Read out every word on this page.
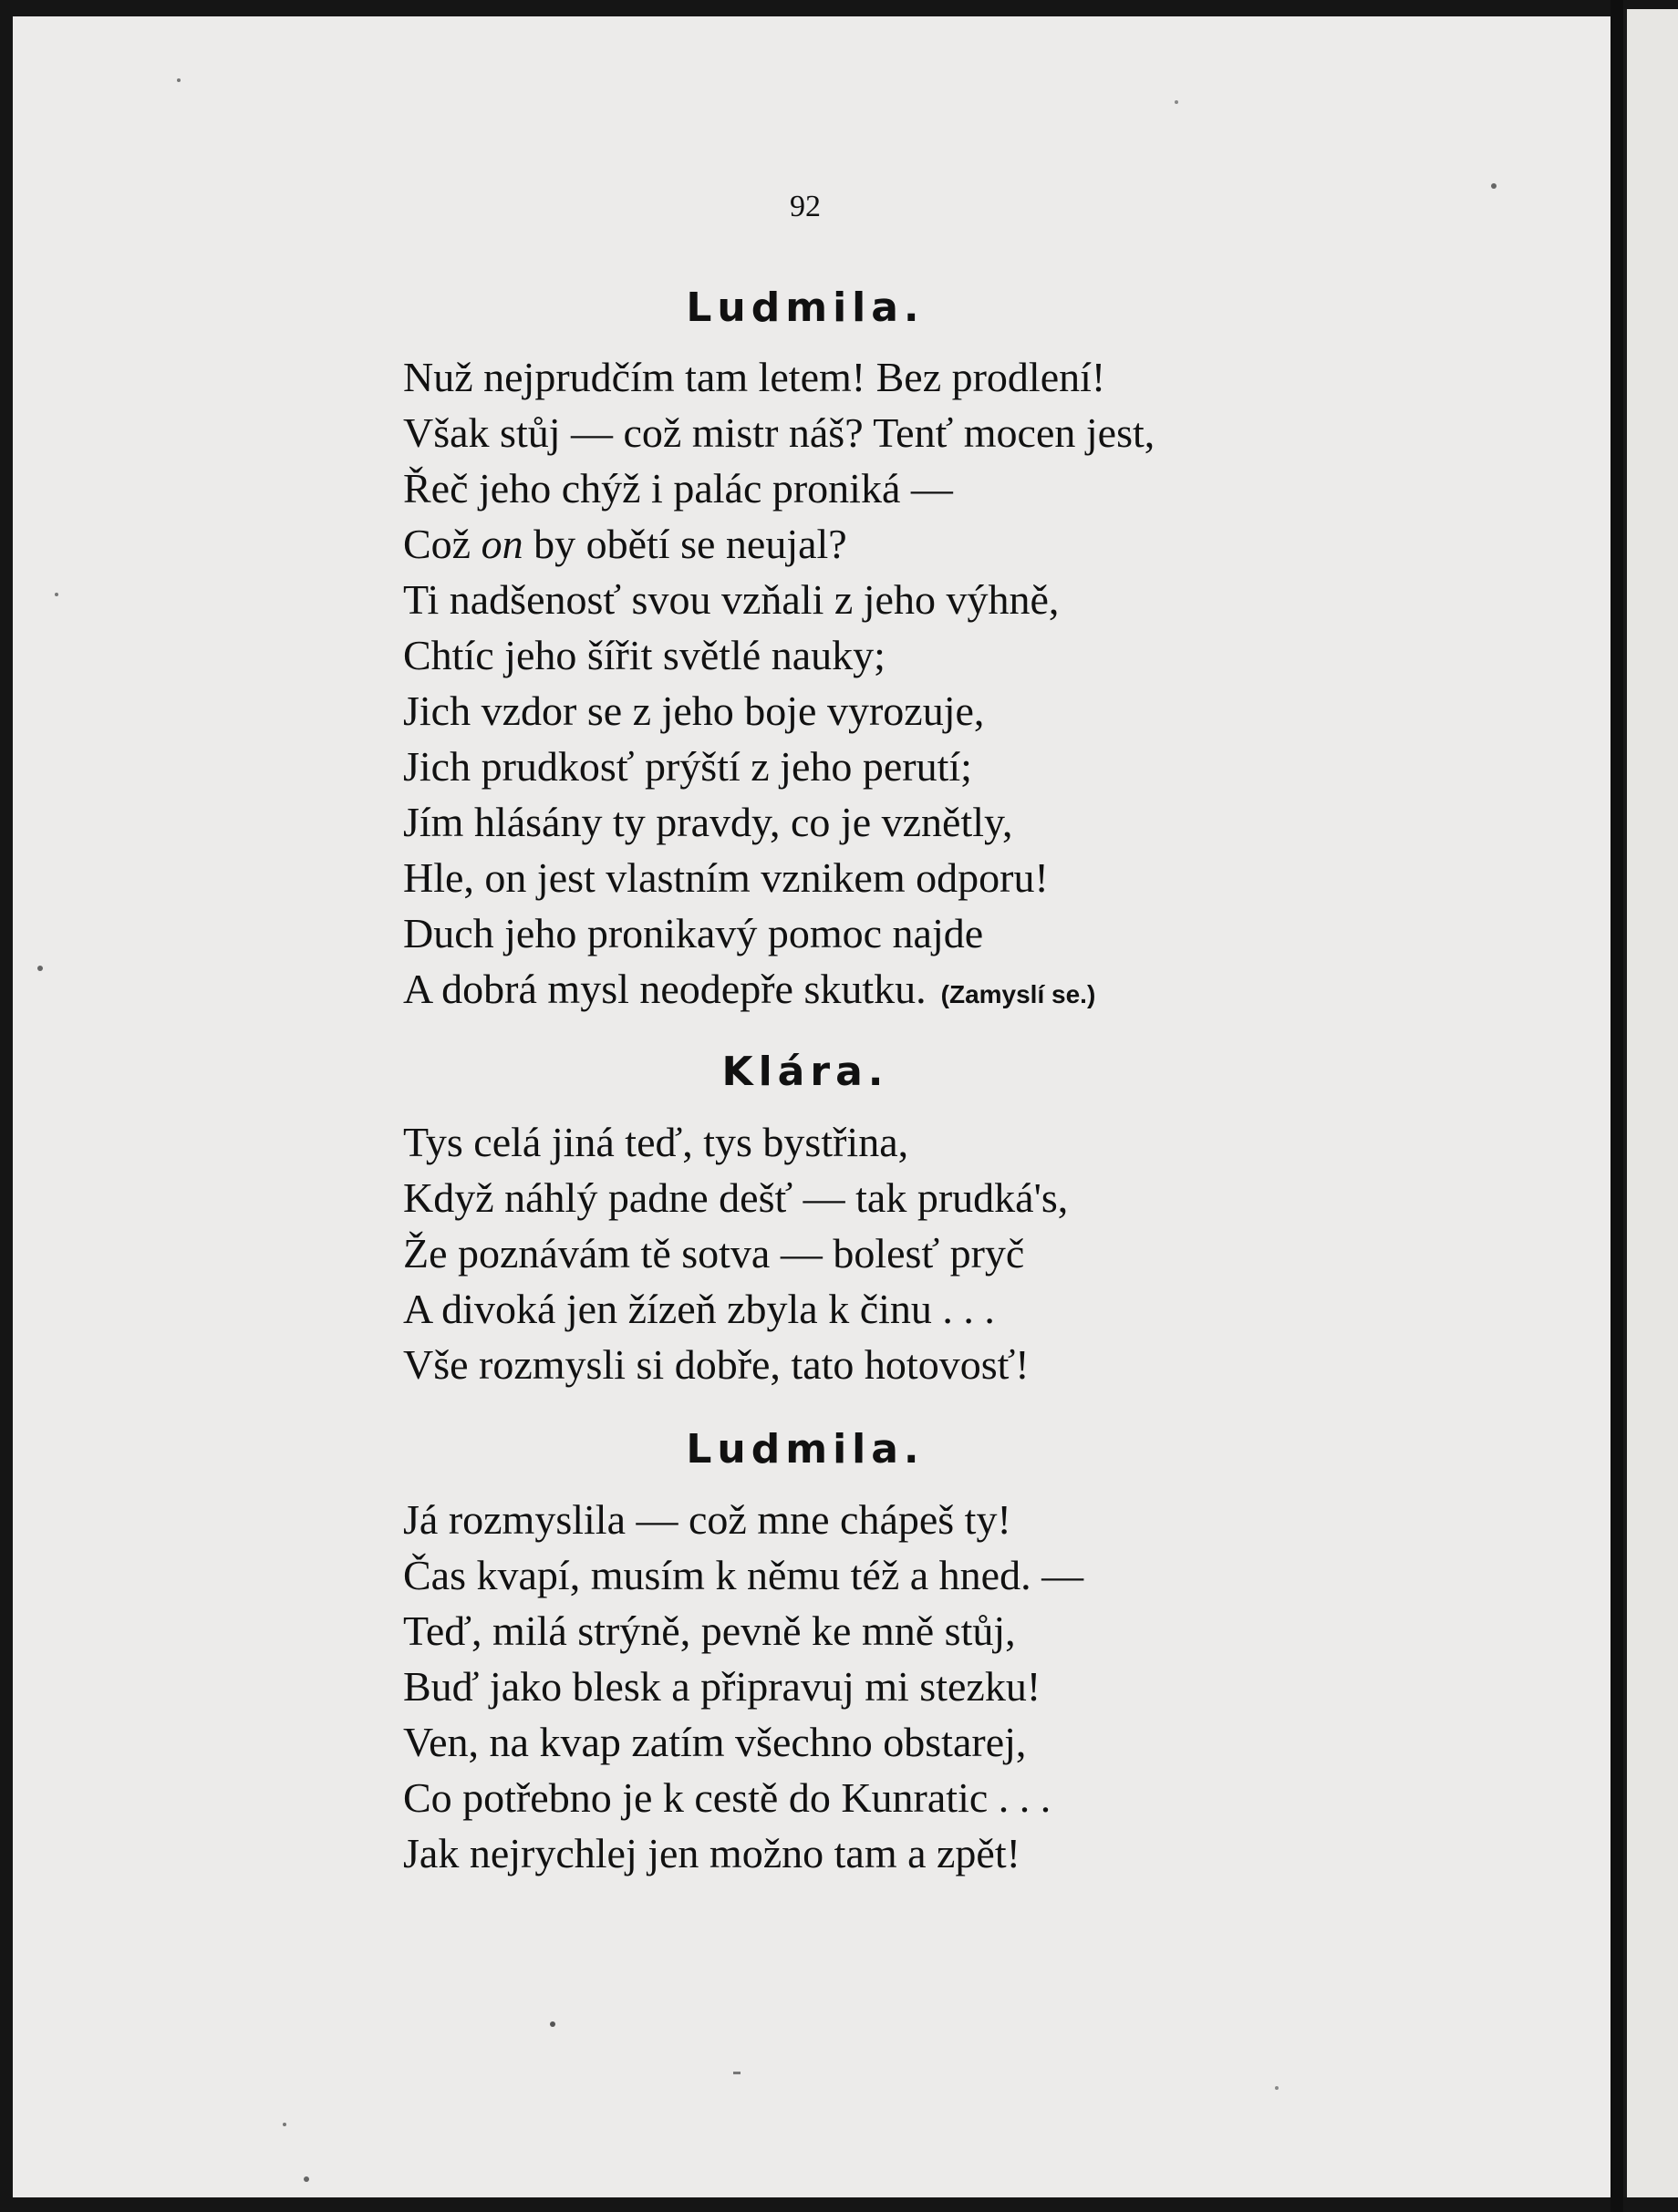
92
Ludmila.
Nuž nejprudčím tam letem! Bez prodlení!
Však stůj — což mistr náš? Tenť mocen jest,
Řeč jeho chýž i palác proniká —
Což on by obětí se neujal?
Ti nadšenosť svou vzňali z jeho výhně,
Chtíc jeho šířit světlé nauky;
Jich vzdor se z jeho boje vyrozuje,
Jich prudkosť prýští z jeho perutí;
Jím hlásány ty pravdy, co je vznětly,
Hle, on jest vlastním vznikem odporu!
Duch jeho pronikavý pomoc najde
A dobrá mysl neodepře skutku. (Zamyslí se.)
Klára.
Tys celá jiná teď, tys bystřina,
Když náhlý padne dešť — tak prudká's,
Že poznávám tě sotva — bolesť pryč
A divoká jen žízeň zbyla k činu . . .
Vše rozmysli si dobře, tato hotovosť!
Ludmila.
Já rozmyslila — což mne chápeš ty!
Čas kvapí, musím k němu též a hned. —
Teď, milá strýně, pevně ke mně stůj,
Buď jako blesk a připravuj mi stezku!
Ven, na kvap zatím všechno obstarej,
Co potřebno je k cestě do Kunratic . . .
Jak nejrychlej jen možno tam a zpět!
